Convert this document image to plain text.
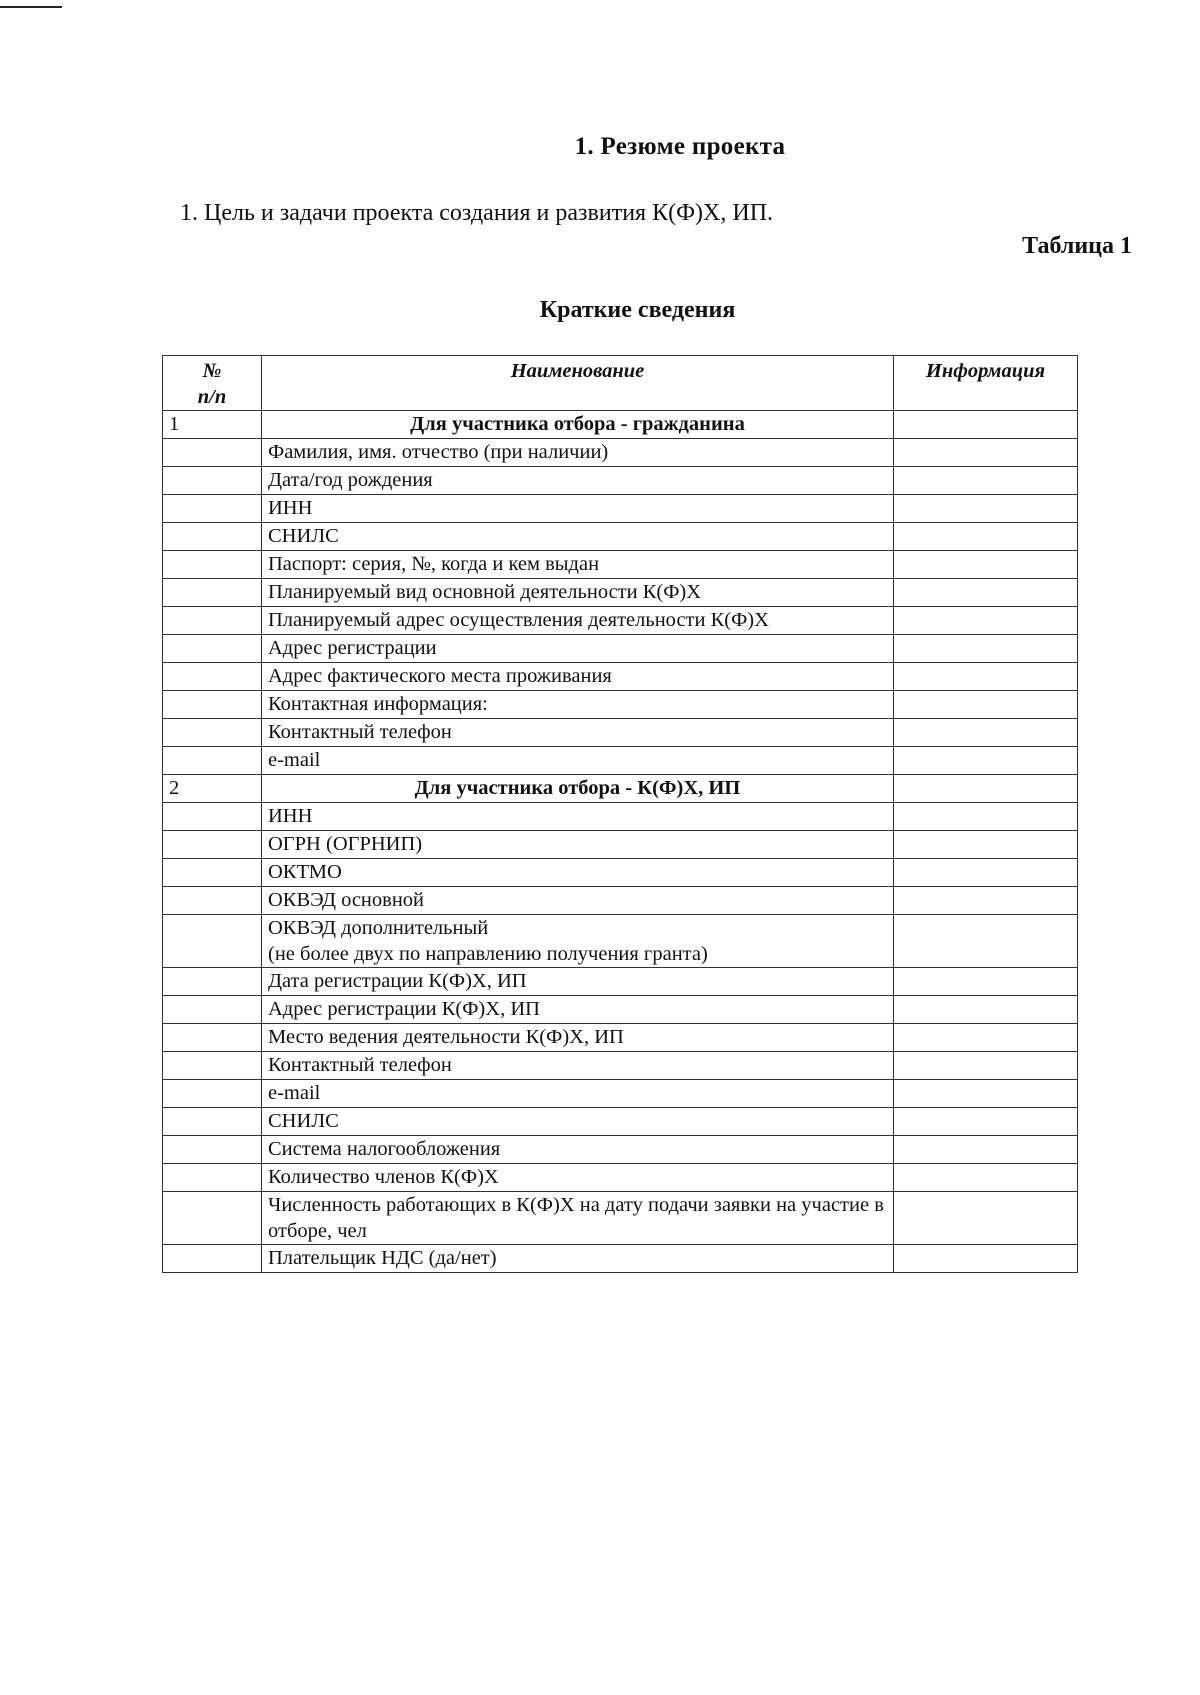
1. Резюме проекта
1. Цель и задачи проекта создания и развития К(Ф)Х, ИП.
Таблица 1
Краткие сведения
№
п/п	Наименование	Информация
1	Для участника отбора - гражданина	
	Фамилия, имя. отчество (при наличии)	
	Дата/год рождения	
	ИНН	
	СНИЛС	
	Паспорт: серия, №, когда и кем выдан	
	Планируемый вид основной деятельности К(Ф)Х	
	Планируемый адрес осуществления деятельности К(Ф)Х	
	Адрес регистрации	
	Адрес фактического места проживания	
	Контактная информация:	
	Контактный телефон	
	e-mail	
2	Для участника отбора - К(Ф)Х, ИП	
	ИНН	
	ОГРН (ОГРНИП)	
	ОКТМО	
	ОКВЭД основной	
	ОКВЭД дополнительный
(не более двух по направлению получения гранта)	
	Дата регистрации К(Ф)Х, ИП	
	Адрес регистрации К(Ф)Х, ИП	
	Место ведения деятельности К(Ф)Х, ИП	
	Контактный телефон	
	e-mail	
	СНИЛС	
	Система налогообложения	
	Количество членов К(Ф)Х	
	Численность работающих в К(Ф)Х на дату подачи заявки на участие в отборе, чел	
	Плательщик НДС (да/нет)	
